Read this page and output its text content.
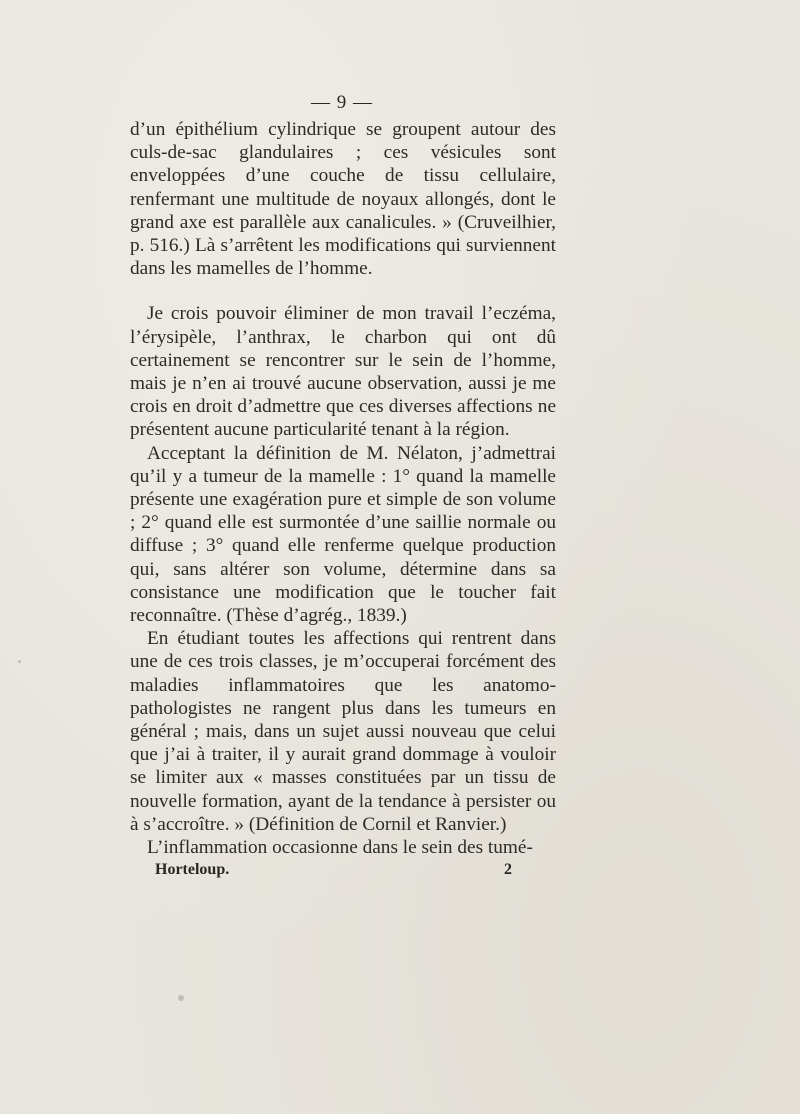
— 9 —

d’un épithélium cylindrique se groupent autour des culs-de-sac glandulaires ; ces vésicules sont enveloppées d’une couche de tissu cellulaire, renfermant une multitude de noyaux allongés, dont le grand axe est parallèle aux canalicules. » (Cruveilhier, p. 516.) Là s’arrêtent les modifications qui surviennent dans les mamelles de l’homme.

Je crois pouvoir éliminer de mon travail l’eczéma, l’érysipèle, l’anthrax, le charbon qui ont dû certainement se rencontrer sur le sein de l’homme, mais je n’en ai trouvé aucune observation, aussi je me crois en droit d’admettre que ces diverses affections ne présentent aucune particularité tenant à la région.

Acceptant la définition de M. Nélaton, j’admettrai qu’il y a tumeur de la mamelle : 1° quand la mamelle présente une exagération pure et simple de son volume ; 2° quand elle est surmontée d’une saillie normale ou diffuse ; 3° quand elle renferme quelque production qui, sans altérer son volume, détermine dans sa consistance une modification que le toucher fait reconnaître. (Thèse d’agrég., 1839.)

En étudiant toutes les affections qui rentrent dans une de ces trois classes, je m’occuperai forcément des maladies inflammatoires que les anatomo-pathologistes ne rangent plus dans les tumeurs en général ; mais, dans un sujet aussi nouveau que celui que j’ai à traiter, il y aurait grand dommage à vouloir se limiter aux « masses constituées par un tissu de nouvelle formation, ayant de la tendance à persister ou à s’accroître. » (Définition de Cornil et Ranvier.)

L’inflammation occasionne dans le sein des tumé-

Horteloup.	2
